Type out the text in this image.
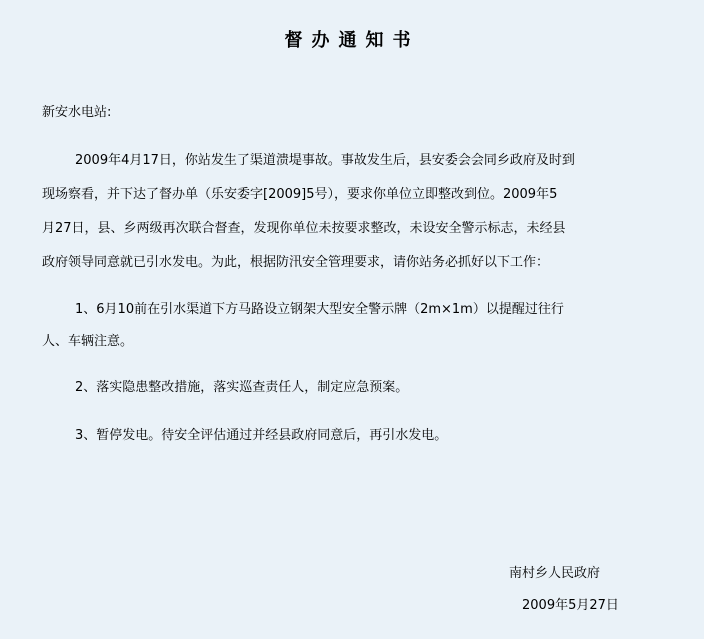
督办通知书
新安水电站:
2009年4月17日，你站发生了渠道溃堤事故。事故发生后，县安委会会同乡政府及时到
现场察看，并下达了督办单（乐安委字[2009]5号），要求你单位立即整改到位。2009年5
月27日，县、乡两级再次联合督查，发现你单位未按要求整改，未设安全警示标志，未经县
政府领导同意就已引水发电。为此，根据防汛安全管理要求，请你站务必抓好以下工作：
1、6月10前在引水渠道下方马路设立钢架大型安全警示牌（2m×1m）以提醒过往行
人、车辆注意。
2、落实隐患整改措施，落实巡查责任人，制定应急预案。
3、暂停发电。待安全评估通过并经县政府同意后，再引水发电。
南村乡人民政府
2009年5月27日
